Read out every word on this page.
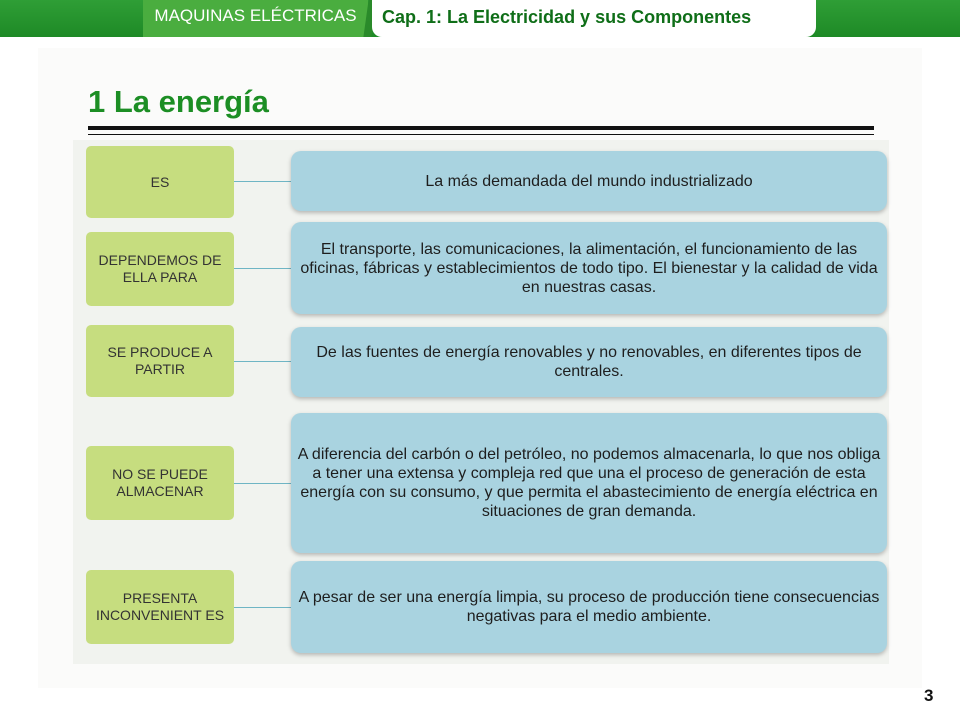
MAQUINAS ELÉCTRICAS	Cap. 1: La Electricidad y sus Componentes
1 La energía
ES	La más demandada del mundo industrializado
DEPENDEMOS DE ELLA PARA
El transporte, las comunicaciones, la alimentación, el funcionamiento de las oficinas, fábricas y establecimientos de todo tipo. El bienestar y la calidad de vida en nuestras casas.
SE PRODUCE A PARTIR
De las fuentes de energía renovables y no renovables, en diferentes tipos de centrales.
NO SE PUEDE ALMACENAR
A diferencia del carbón o del petróleo, no podemos almacenarla, lo que nos obliga a tener una extensa y compleja red que una el proceso de generación de esta energía con su consumo, y que permita el abastecimiento de energía eléctrica en situaciones de gran demanda.
PRESENTA INCONVENIENT ES
A pesar de ser una energía limpia, su proceso de producción tiene consecuencias negativas para el medio ambiente.
3
